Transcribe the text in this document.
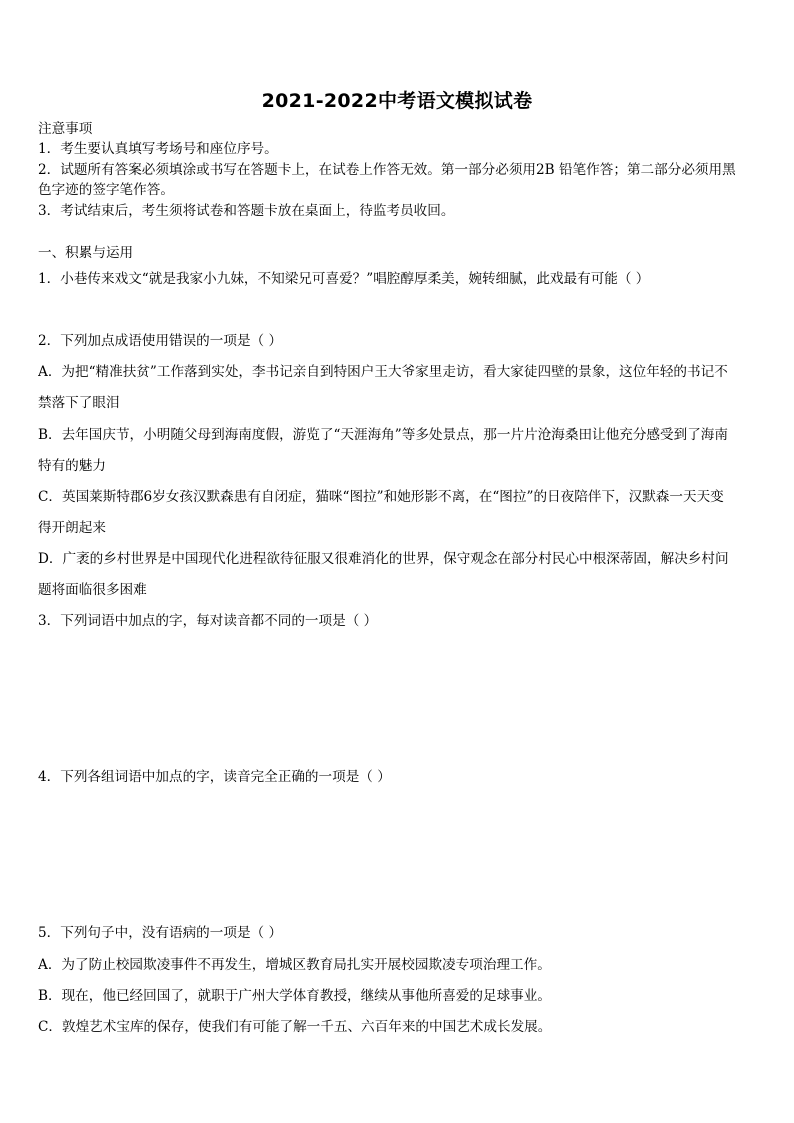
2021-2022中考语文模拟试卷
注意事项
1．考生要认真填写考场号和座位序号。
2．试题所有答案必须填涂或书写在答题卡上，在试卷上作答无效。第一部分必须用2B 铅笔作答；第二部分必须用黑
色字迹的签字笔作答。
3．考试结束后，考生须将试卷和答题卡放在桌面上，待监考员收回。
一、积累与运用
1．小巷传来戏文“就是我家小九妹，不知梁兄可喜爱？”唱腔醇厚柔美，婉转细腻，此戏最有可能（ ）
2．下列加点成语使用错误的一项是（ ）
A．为把“精准扶贫”工作落到实处，李书记亲自到特困户王大爷家里走访，看大家徒四壁的景象，这位年轻的书记不
禁落下了眼泪
B．去年国庆节，小明随父母到海南度假，游览了“天涯海角”等多处景点，那一片片沧海桑田让他充分感受到了海南
特有的魅力
C．英国莱斯特郡6岁女孩汉默森患有自闭症，猫咪“图拉”和她形影不离，在“图拉”的日夜陪伴下，汉默森一天天变
得开朗起来
D．广袤的乡村世界是中国现代化进程欲待征服又很难消化的世界，保守观念在部分村民心中根深蒂固，解决乡村问
题将面临很多困难
3．下列词语中加点的字，每对读音都不同的一项是（ ）
4．下列各组词语中加点的字，读音完全正确的一项是（ ）
5．下列句子中，没有语病的一项是（ ）
A．为了防止校园欺凌事件不再发生，增城区教育局扎实开展校园欺凌专项治理工作。
B．现在，他已经回国了，就职于广州大学体育教授，继续从事他所喜爱的足球事业。
C．敦煌艺术宝库的保存，使我们有可能了解一千五、六百年来的中国艺术成长发展。
